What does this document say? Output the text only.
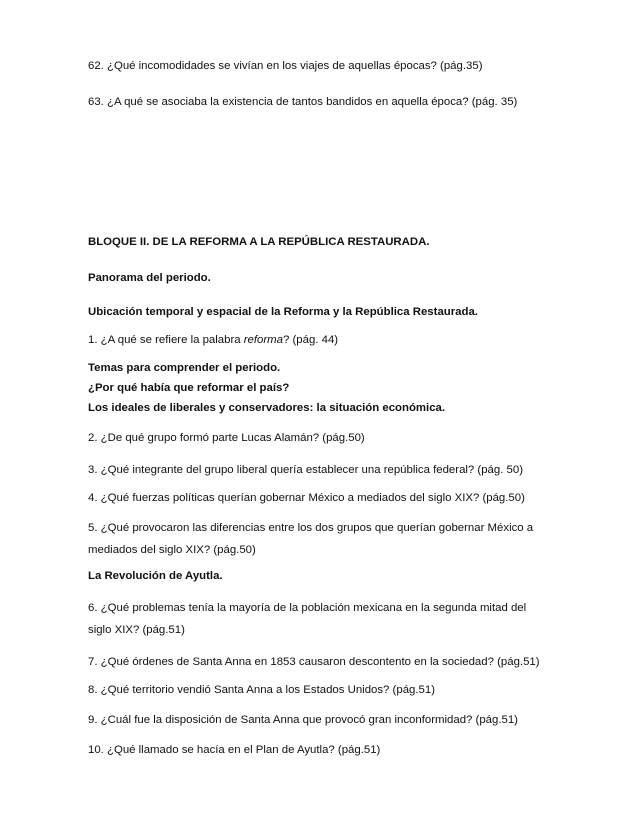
62. ¿Qué incomodidades se vivían en los viajes de aquellas épocas? (pág.35)
63. ¿A qué se asociaba la existencia de tantos bandidos en aquella época? (pág. 35)
BLOQUE II. DE LA REFORMA A LA REPÚBLICA RESTAURADA.
Panorama del periodo.
Ubicación temporal y espacial de la Reforma y la República Restaurada.
1. ¿A qué se refiere la palabra reforma? (pág. 44)
Temas para comprender el periodo.
¿Por qué había que reformar el país?
Los ideales de liberales y conservadores: la situación económica.
2. ¿De qué grupo formó parte Lucas Alamán? (pág.50)
3. ¿Qué integrante del grupo liberal quería establecer una república federal? (pág. 50)
4. ¿Qué fuerzas políticas querían gobernar México a mediados del siglo XIX? (pág.50)
5. ¿Qué provocaron las diferencias entre los dos grupos que querían gobernar México a
mediados del siglo XIX? (pág.50)
La Revolución de Ayutla.
6. ¿Qué problemas tenía la mayoría de la población mexicana en la segunda mitad del
siglo XIX? (pág.51)
7. ¿Qué órdenes de Santa Anna en 1853 causaron descontento en la sociedad? (pág.51)
8. ¿Qué territorio vendió Santa Anna a los Estados Unidos? (pág.51)
9. ¿Cuál fue la disposición de Santa Anna que provocó gran inconformidad? (pág.51)
10. ¿Qué llamado se hacía en el Plan de Ayutla? (pág.51)
